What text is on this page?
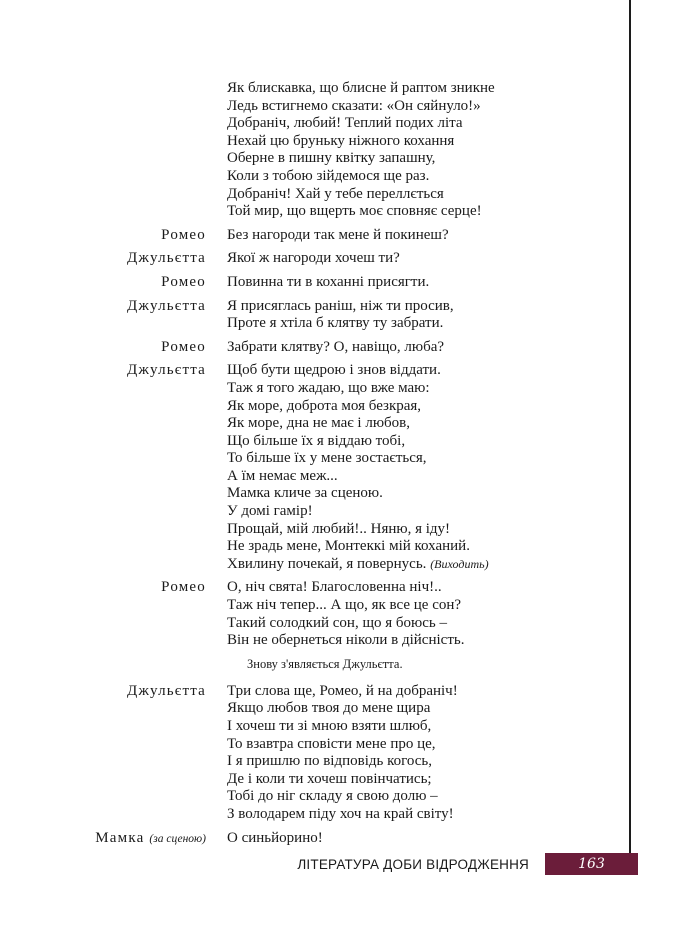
Як блискавка, що блисне й раптом зникне
Ледь встигнемо сказати: «Он сяйнуло!»
Добраніч, любий! Теплий подих літа
Нехай цю бруньку ніжного кохання
Оберне в пишну квітку запашну,
Коли з тобою зійдемося ще раз.
Добраніч! Хай у тебе переллється
Той мир, що вщерть моє сповняє серце!
Ромео Без нагороди так мене й покинеш?
Джульєтта Якої ж нагороди хочеш ти?
Ромео Повинна ти в коханні присягти.
Джульєтта Я присяглась раніш, ніж ти просив,
Проте я хтіла б клятву ту забрати.
Ромео Забрати клятву? О, навіщо, люба?
Джульєтта Щоб бути щедрою і знов віддати.
Таж я того жадаю, що вже маю:
Як море, доброта моя безкрая,
Як море, дна не має і любов,
Що більше їх я віддаю тобі,
То більше їх у мене зостається,
А їм немає меж...
Мамка кличе за сценою.
У домі гамір!
Прощай, мій любий!.. Няню, я іду!
Не зрадь мене, Монтеккі мій коханий.
Хвилину почекай, я повернусь. (Виходить)
Ромео О, ніч свята! Благословенна ніч!..
Таж ніч тепер... А що, як все це сон?
Такий солодкий сон, що я боюсь –
Він не обернеться ніколи в дійсність.
Знову з'являється Джульєтта.
Джульєтта Три слова ще, Ромео, й на добраніч!
Якщо любов твоя до мене щира
І хочеш ти зі мною взяти шлюб,
То взавтра сповісти мене про це,
І я пришлю по відповідь когось,
Де і коли ти хочеш повінчатись;
Тобі до ніг складу я свою долю –
З володарем піду хоч на край світу!
Мамка (за сценою) О синьйорино!
ЛІТЕРАТУРА ДОБИ ВІДРОДЖЕННЯ	163
